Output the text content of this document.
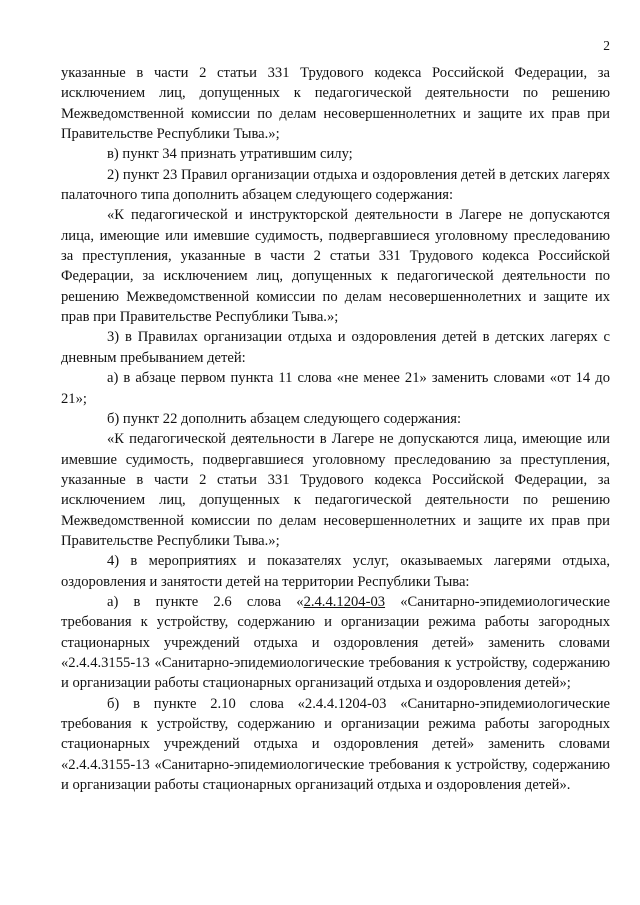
2

указанные в части 2 статьи 331 Трудового кодекса Российской Федерации, за исключением лиц, допущенных к педагогической деятельности по решению Межведомственной комиссии по делам несовершеннолетних и защите их прав при Правительстве Республики Тыва.»;

в) пункт 34 признать утратившим силу;

2) пункт 23 Правил организации отдыха и оздоровления детей в детских лагерях палаточного типа дополнить абзацем следующего содержания:

«К педагогической и инструкторской деятельности в Лагере не допускаются лица, имеющие или имевшие судимость, подвергавшиеся уголовному преследованию за преступления, указанные в части 2 статьи 331 Трудового кодекса Российской Федерации, за исключением лиц, допущенных к педагогической деятельности по решению Межведомственной комиссии по делам несовершеннолетних и защите их прав при Правительстве Республики Тыва.»;

3) в Правилах организации отдыха и оздоровления детей в детских лагерях с дневным пребыванием детей:

а) в абзаце первом пункта 11 слова «не менее 21» заменить словами «от 14 до 21»;

б) пункт 22 дополнить абзацем следующего содержания:

«К педагогической деятельности в Лагере не допускаются лица, имеющие или имевшие судимость, подвергавшиеся уголовному преследованию за преступления, указанные в части 2 статьи 331 Трудового кодекса Российской Федерации, за исключением лиц, допущенных к педагогической деятельности по решению Межведомственной комиссии по делам несовершеннолетних и защите их прав при Правительстве Республики Тыва.»;

4) в мероприятиях и показателях услуг, оказываемых лагерями отдыха, оздоровления и занятости детей на территории Республики Тыва:

а) в пункте 2.6 слова «2.4.4.1204-03 «Санитарно-эпидемиологические требования к устройству, содержанию и организации режима работы загородных стационарных учреждений отдыха и оздоровления детей» заменить словами «2.4.4.3155-13 «Санитарно-эпидемиологические требования к устройству, содержанию и организации работы стационарных организаций отдыха и оздоровления детей»;

б) в пункте 2.10 слова «2.4.4.1204-03 «Санитарно-эпидемиологические требования к устройству, содержанию и организации режима работы загородных стационарных учреждений отдыха и оздоровления детей» заменить словами «2.4.4.3155-13 «Санитарно-эпидемиологические требования к устройству, содержанию и организации работы стационарных организаций отдыха и оздоровления детей».
